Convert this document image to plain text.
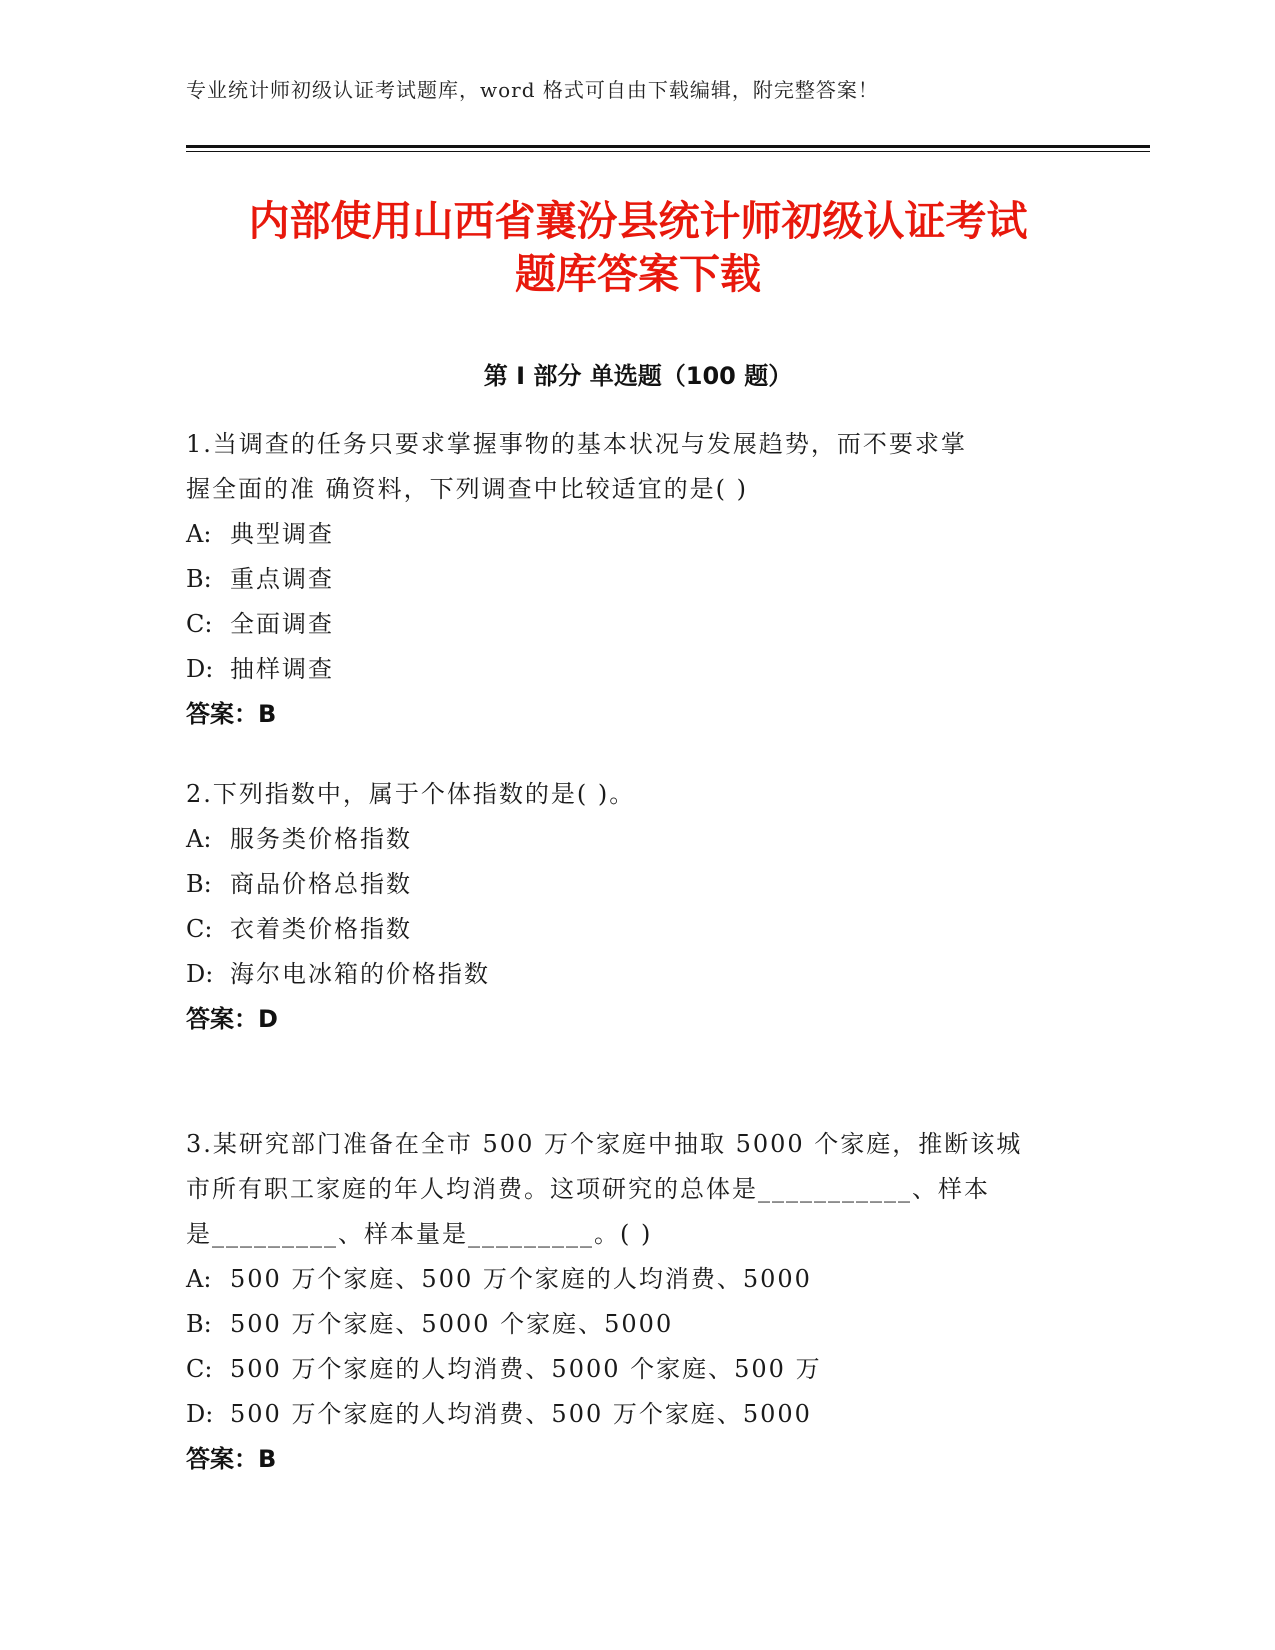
专业统计师初级认证考试题库，word 格式可自由下载编辑，附完整答案！
内部使用山西省襄汾县统计师初级认证考试
题库答案下载
第 I 部分 单选题（100 题）
1.当调查的任务只要求掌握事物的基本状况与发展趋势，而不要求掌
握全面的准 确资料，下列调查中比较适宜的是( )
A: 典型调查
B: 重点调查
C: 全面调查
D: 抽样调查
答案：B
2.下列指数中，属于个体指数的是( )。
A: 服务类价格指数
B: 商品价格总指数
C: 衣着类价格指数
D: 海尔电冰箱的价格指数
答案：D
3.某研究部门准备在全市 500 万个家庭中抽取 5000 个家庭，推断该城
市所有职工家庭的年人均消费。这项研究的总体是___________、样本
是_________、样本量是_________。( )
A: 500 万个家庭、500 万个家庭的人均消费、5000
B: 500 万个家庭、5000 个家庭、5000
C: 500 万个家庭的人均消费、5000 个家庭、500 万
D: 500 万个家庭的人均消费、500 万个家庭、5000
答案：B
